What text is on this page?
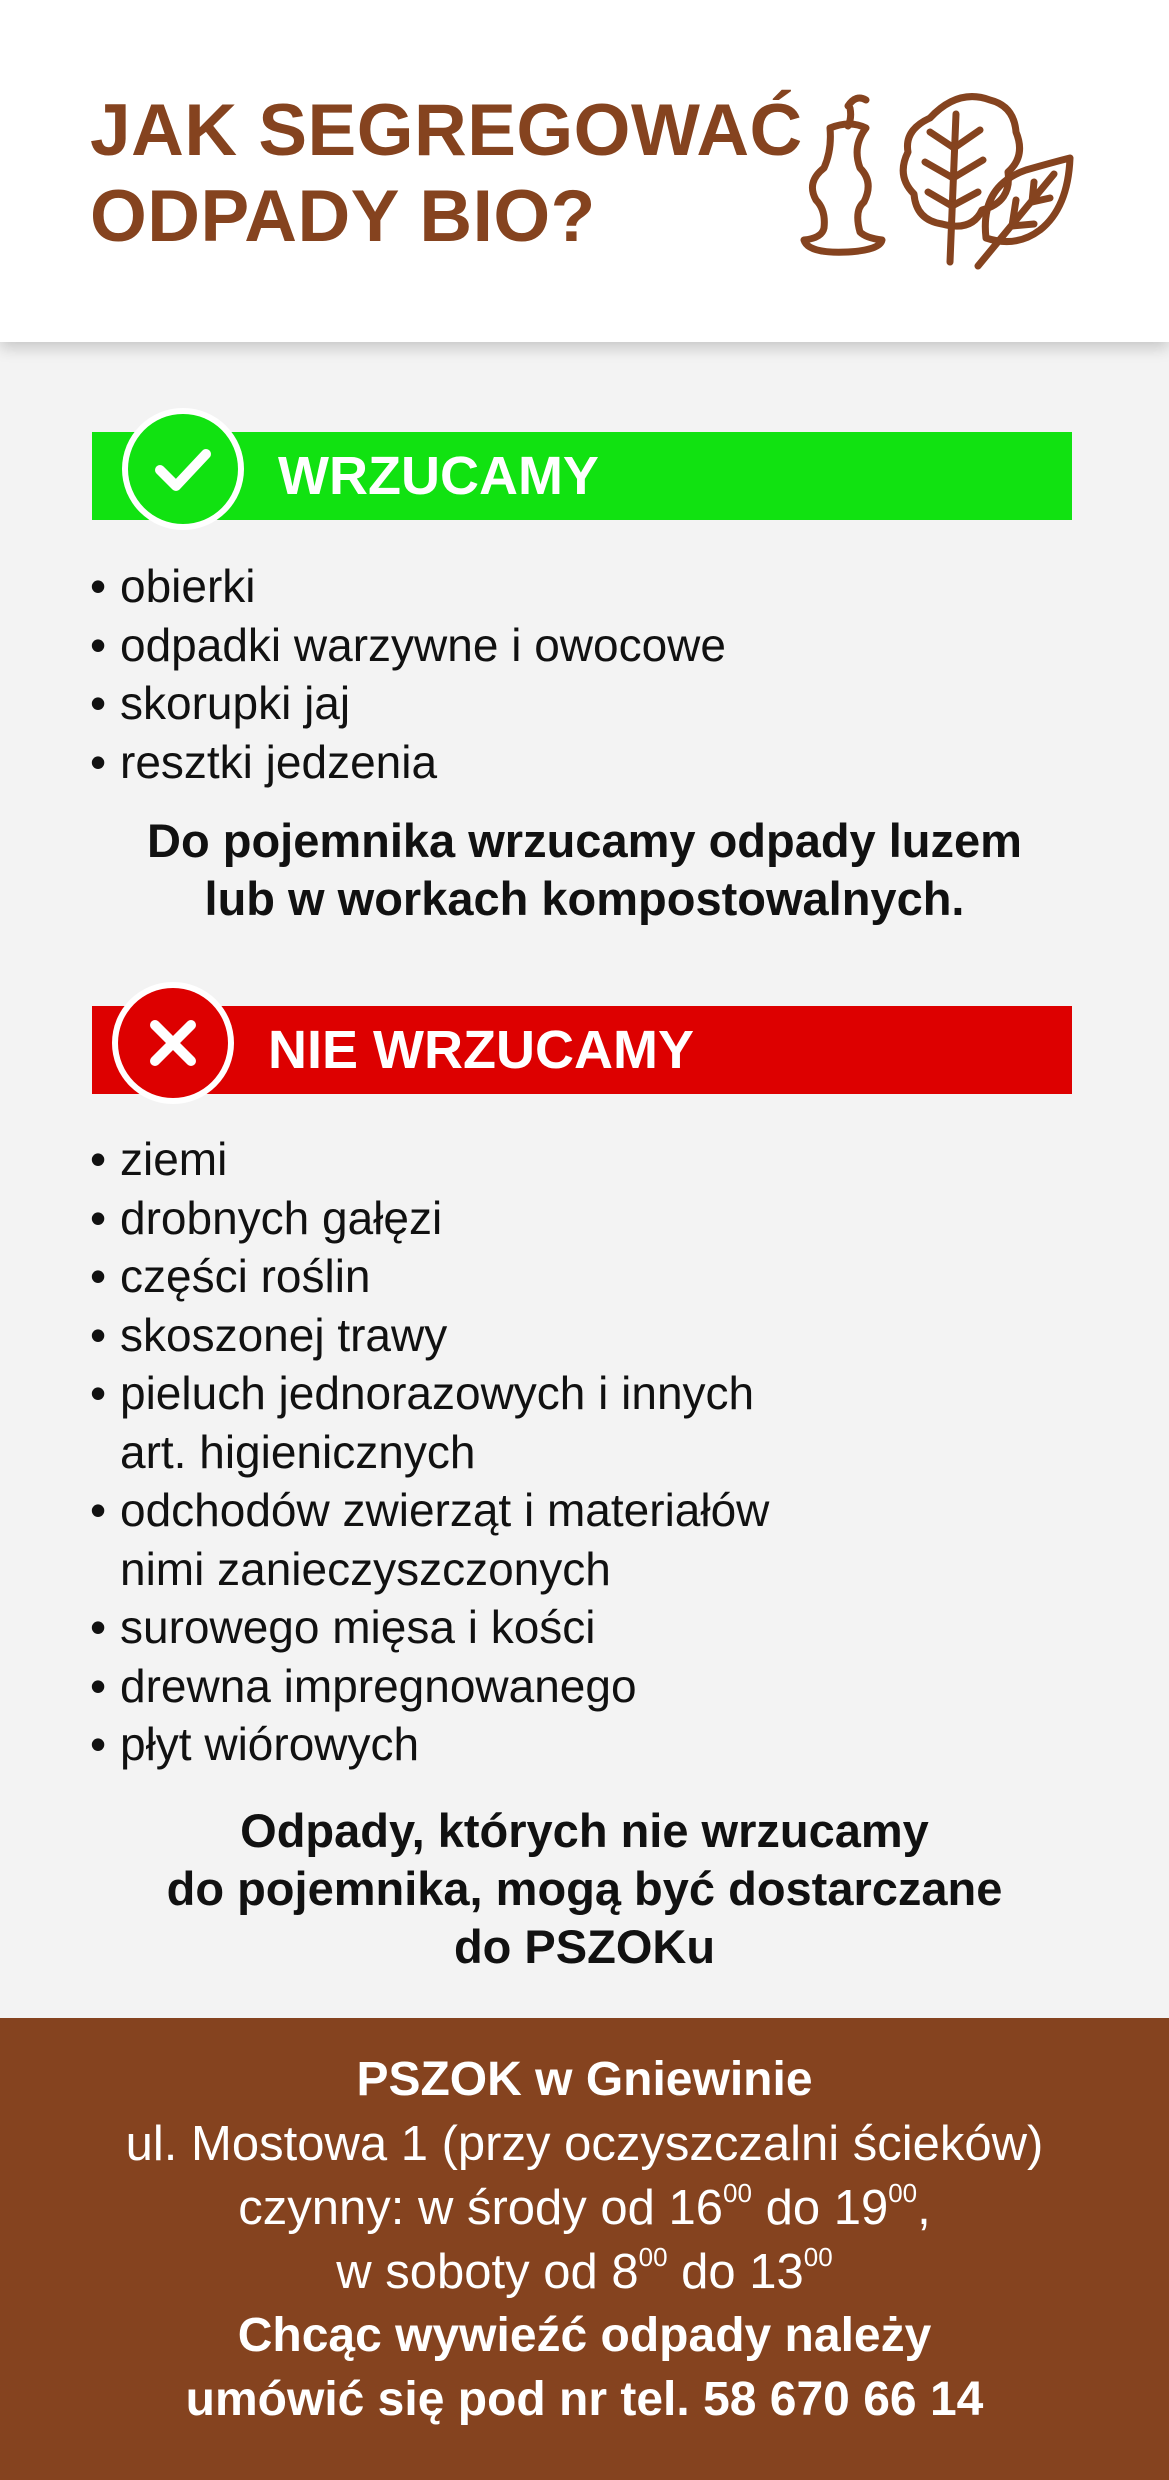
JAK SEGREGOWAĆ
ODPADY BIO?
WRZUCAMY
• obierki
• odpadki warzywne i owocowe
• skorupki jaj
• resztki jedzenia
Do pojemnika wrzucamy odpady luzem
lub w workach kompostowalnych.
NIE WRZUCAMY
• ziemi
• drobnych gałęzi
• części roślin
• skoszonej trawy
• pieluch jednorazowych i innych
art. higienicznych
• odchodów zwierząt i materiałów
nimi zanieczyszczonych
• surowego mięsa i kości
• drewna impregnowanego
• płyt wiórowych
Odpady, których nie wrzucamy
do pojemnika, mogą być dostarczane
do PSZOKu
PSZOK w Gniewinie
ul. Mostowa 1 (przy oczyszczalni ścieków)
czynny: w środy od $16^{00}$ do $19^{00}$,
w soboty od $8^{00}$ do $13^{00}$
Chcąc wywieźć odpady należy
umówić się pod nr tel. 58 670 66 14
